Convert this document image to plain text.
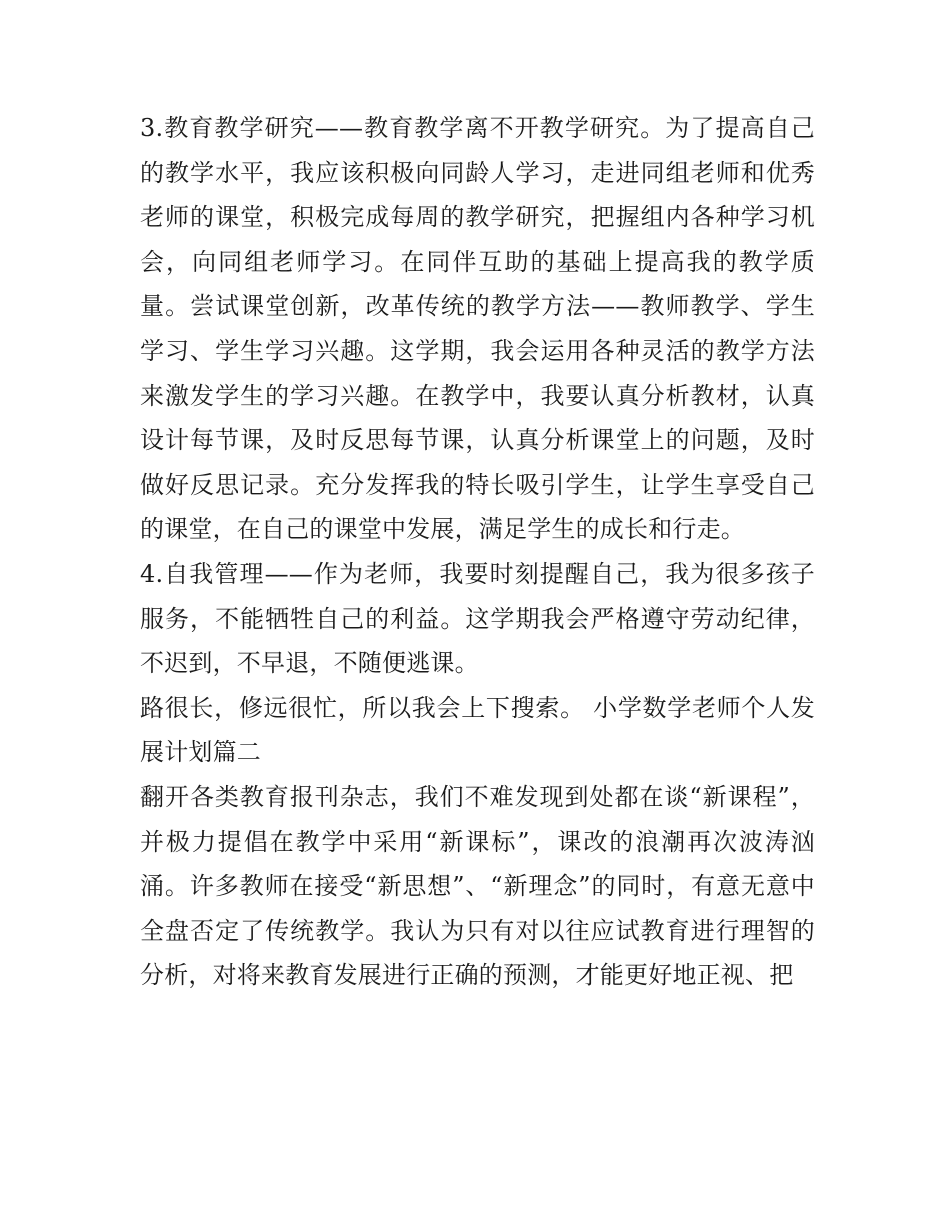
3.教育教学研究——教育教学离不开教学研究。为了提高自己的教学水平，我应该积极向同龄人学习，走进同组老师和优秀老师的课堂，积极完成每周的教学研究，把握组内各种学习机会，向同组老师学习。在同伴互助的基础上提高我的教学质量。尝试课堂创新，改革传统的教学方法——教师教学、学生学习、学生学习兴趣。这学期，我会运用各种灵活的教学方法来激发学生的学习兴趣。在教学中，我要认真分析教材，认真设计每节课，及时反思每节课，认真分析课堂上的问题，及时做好反思记录。充分发挥我的特长吸引学生，让学生享受自己的课堂，在自己的课堂中发展，满足学生的成长和行走。

4.自我管理——作为老师，我要时刻提醒自己，我为很多孩子服务，不能牺牲自己的利益。这学期我会严格遵守劳动纪律，不迟到，不早退，不随便逃课。

路很长，修远很忙，所以我会上下搜索。 小学数学老师个人发展计划篇二

翻开各类教育报刊杂志，我们不难发现到处都在谈“新课程”，并极力提倡在教学中采用“新课标”，课改的浪潮再次波涛汹涌。许多教师在接受“新思想”、“新理念”的同时，有意无意中全盘否定了传统教学。我认为只有对以往应试教育进行理智的分析，对将来教育发展进行正确的预测，才能更好地正视、把
